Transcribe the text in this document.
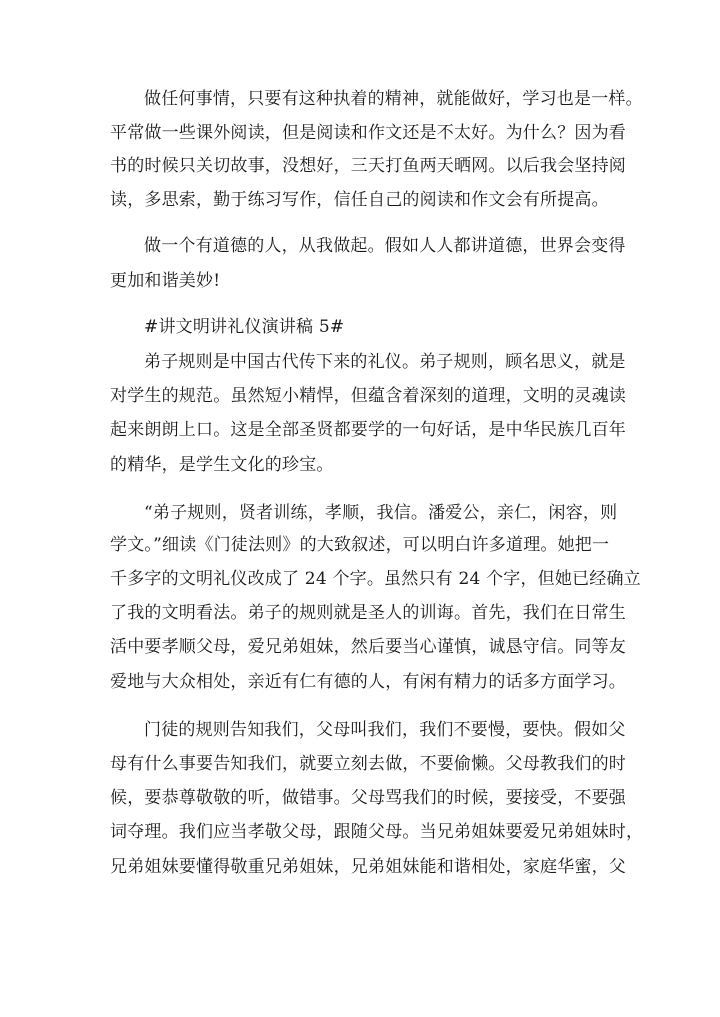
做任何事情，只要有这种执着的精神，就能做好，学习也是一样。
平常做一些课外阅读，但是阅读和作文还是不太好。为什么？因为看
书的时候只关切故事，没想好，三天打鱼两天晒网。以后我会坚持阅
读，多思索，勤于练习写作，信任自己的阅读和作文会有所提高。
做一个有道德的人，从我做起。假如人人都讲道德，世界会变得
更加和谐美妙!
#讲文明讲礼仪演讲稿 5#
弟子规则是中国古代传下来的礼仪。弟子规则，顾名思义，就是
对学生的规范。虽然短小精悍，但蕴含着深刻的道理，文明的灵魂读
起来朗朗上口。这是全部圣贤都要学的一句好话，是中华民族几百年
的精华，是学生文化的珍宝。
“弟子规则，贤者训练，孝顺，我信。潘爱公，亲仁，闲容，则
学文。”细读《门徒法则》的大致叙述，可以明白许多道理。她把一
千多字的文明礼仪改成了 24 个字。虽然只有 24 个字，但她已经确立
了我的文明看法。弟子的规则就是圣人的训诲。首先，我们在日常生
活中要孝顺父母，爱兄弟姐妹，然后要当心谨慎，诚恳守信。同等友
爱地与大众相处，亲近有仁有德的人，有闲有精力的话多方面学习。
门徒的规则告知我们，父母叫我们，我们不要慢，要快。假如父
母有什么事要告知我们，就要立刻去做，不要偷懒。父母教我们的时
候，要恭尊敬敬的听，做错事。父母骂我们的时候，要接受，不要强
词夺理。我们应当孝敬父母，跟随父母。当兄弟姐妹要爱兄弟姐妹时，
兄弟姐妹要懂得敬重兄弟姐妹，兄弟姐妹能和谐相处，家庭华蜜，父
